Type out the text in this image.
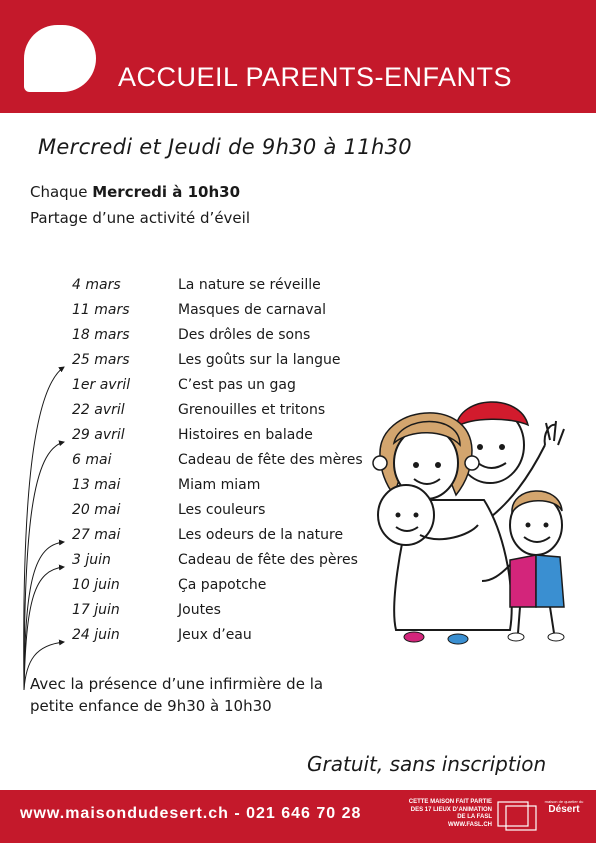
ACCUEIL PARENTS-ENFANTS
Mercredi et Jeudi de 9h30 à 11h30
Chaque Mercredi à 10h30
Partage d’une activité d’éveil
4 mars	La nature se réveille
11 mars	Masques de carnaval
18 mars	Des drôles de sons
25 mars	Les goûts sur la langue
1er avril	C’est pas un gag
22 avril	Grenouilles et tritons
29 avril	Histoires en balade
6 mai	Cadeau de fête des mères
13 mai	Miam miam
20 mai	Les couleurs
27 mai	Les odeurs de la nature
3 juin	Cadeau de fête des pères
10 juin	Ça papotche
17 juin	Joutes
24 juin	Jeux d’eau
Avec la présence d’une infirmière de la
petite enfance de 9h30 à 10h30
Gratuit, sans inscription
www.maisondudesert.ch - 021 646 70 28
CETTE MAISON FAIT PARTIE
DES 17 LIEUX D’ANIMATION
DE LA FASL
WWW.FASL.CH
maison de quartier du
Désert
